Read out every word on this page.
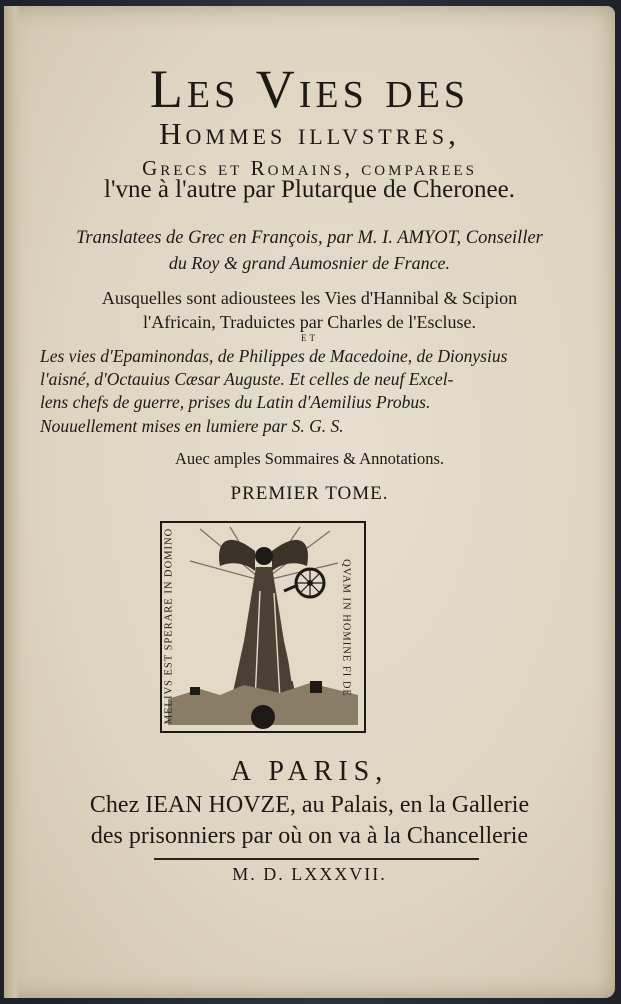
Les Vies des
Hommes illvstres,
Grecs et Romains, comparees
l'vne à l'autre par Plutarque de Cheronee.
Translatees de Grec en François, par M. I. AMYOT, Conseiller
du Roy & grand Aumosnier de France.
Ausquelles sont adioustees les Vies d'Hannibal & Scipion
l'Africain, Traduictes par Charles de l'Escluse.
ET
Les vies d'Epaminondas, de Philippes de Macedoine, de Dionysius
l'aisné, d'Octauius Cæsar Auguste. Et celles de neuf Excel-
lens chefs de guerre, prises du Latin d'Aemilius Probus.
Nouuellement mises en lumiere par S. G. S.
Auec amples Sommaires & Annotations.
PREMIER TOME.
MELIVS EST SPERARE IN DOMINO	QVAM IN HOMINE FI DE
A PARIS,
Chez IEAN HOVZE, au Palais, en la Gallerie
des prisonniers par où on va à la Chancellerie
M. D. LXXXVII.
